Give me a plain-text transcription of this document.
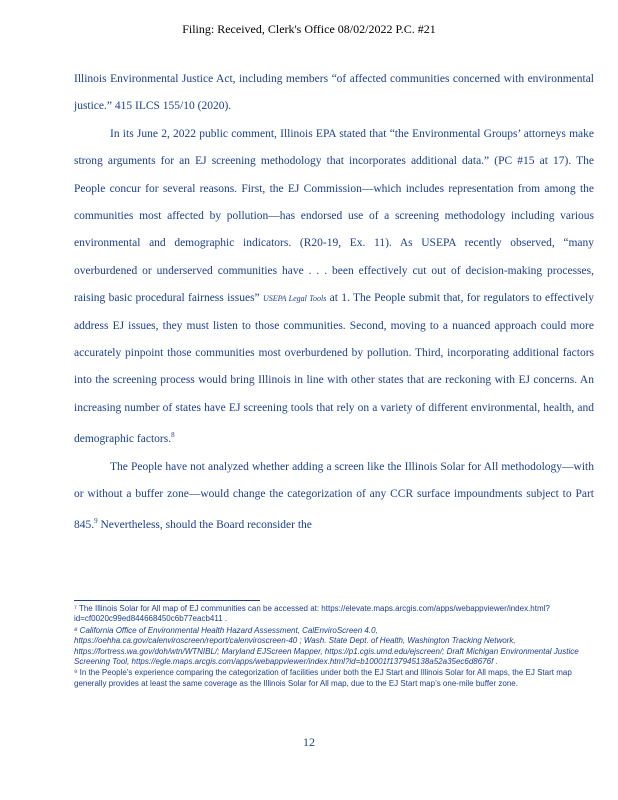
Filing: Received, Clerk's Office 08/02/2022 P.C. #21

Illinois Environmental Justice Act, including members “of affected communities concerned with environmental justice.” 415 ILCS 155/10 (2020).

In its June 2, 2022 public comment, Illinois EPA stated that “the Environmental Groups’ attorneys make strong arguments for an EJ screening methodology that incorporates additional data.” (PC #15 at 17). The People concur for several reasons. First, the EJ Commission—which includes representation from among the communities most affected by pollution—has endorsed use of a screening methodology including various environmental and demographic indicators. (R20-19, Ex. 11). As USEPA recently observed, “many overburdened or underserved communities have . . . been effectively cut out of decision-making processes, raising basic procedural fairness issues” USEPA Legal Tools at 1. The People submit that, for regulators to effectively address EJ issues, they must listen to those communities. Second, moving to a nuanced approach could more accurately pinpoint those communities most overburdened by pollution. Third, incorporating additional factors into the screening process would bring Illinois in line with other states that are reckoning with EJ concerns. An increasing number of states have EJ screening tools that rely on a variety of different environmental, health, and demographic factors.$^8$

The People have not analyzed whether adding a screen like the Illinois Solar for All methodology—with or without a buffer zone—would change the categorization of any CCR surface impoundments subject to Part 845.$^9$ Nevertheless, should the Board reconsider the

⁷ The Illinois Solar for All map of EJ communities can be accessed at: https://elevate.maps.arcgis.com/apps/webappviewer/index.html?id=cf0020c99ed844668450c6b77eacb411 .

⁸ California Office of Environmental Health Hazard Assessment, CalEnviroScreen 4.0, https://oehha.ca.gov/calenviroscreen/report/calenviroscreen-40 ; Wash. State Dept. of Health, Washington Tracking Network, https://fortress.wa.gov/doh/wtn/WTNIBL/; Maryland EJScreen Mapper, https://p1.cgis.umd.edu/ejscreen/; Draft Michigan Environmental Justice Screening Tool, https://egle.maps.arcgis.com/apps/webappviewer/index.html?id=b10001f137945138a52a35ec6d8676f .

⁹ In the People’s experience comparing the categorization of facilities under both the EJ Start and Illinois Solar for All maps, the EJ Start map generally provides at least the same coverage as the Illinois Solar for All map, due to the EJ Start map’s one-mile buffer zone.

12
